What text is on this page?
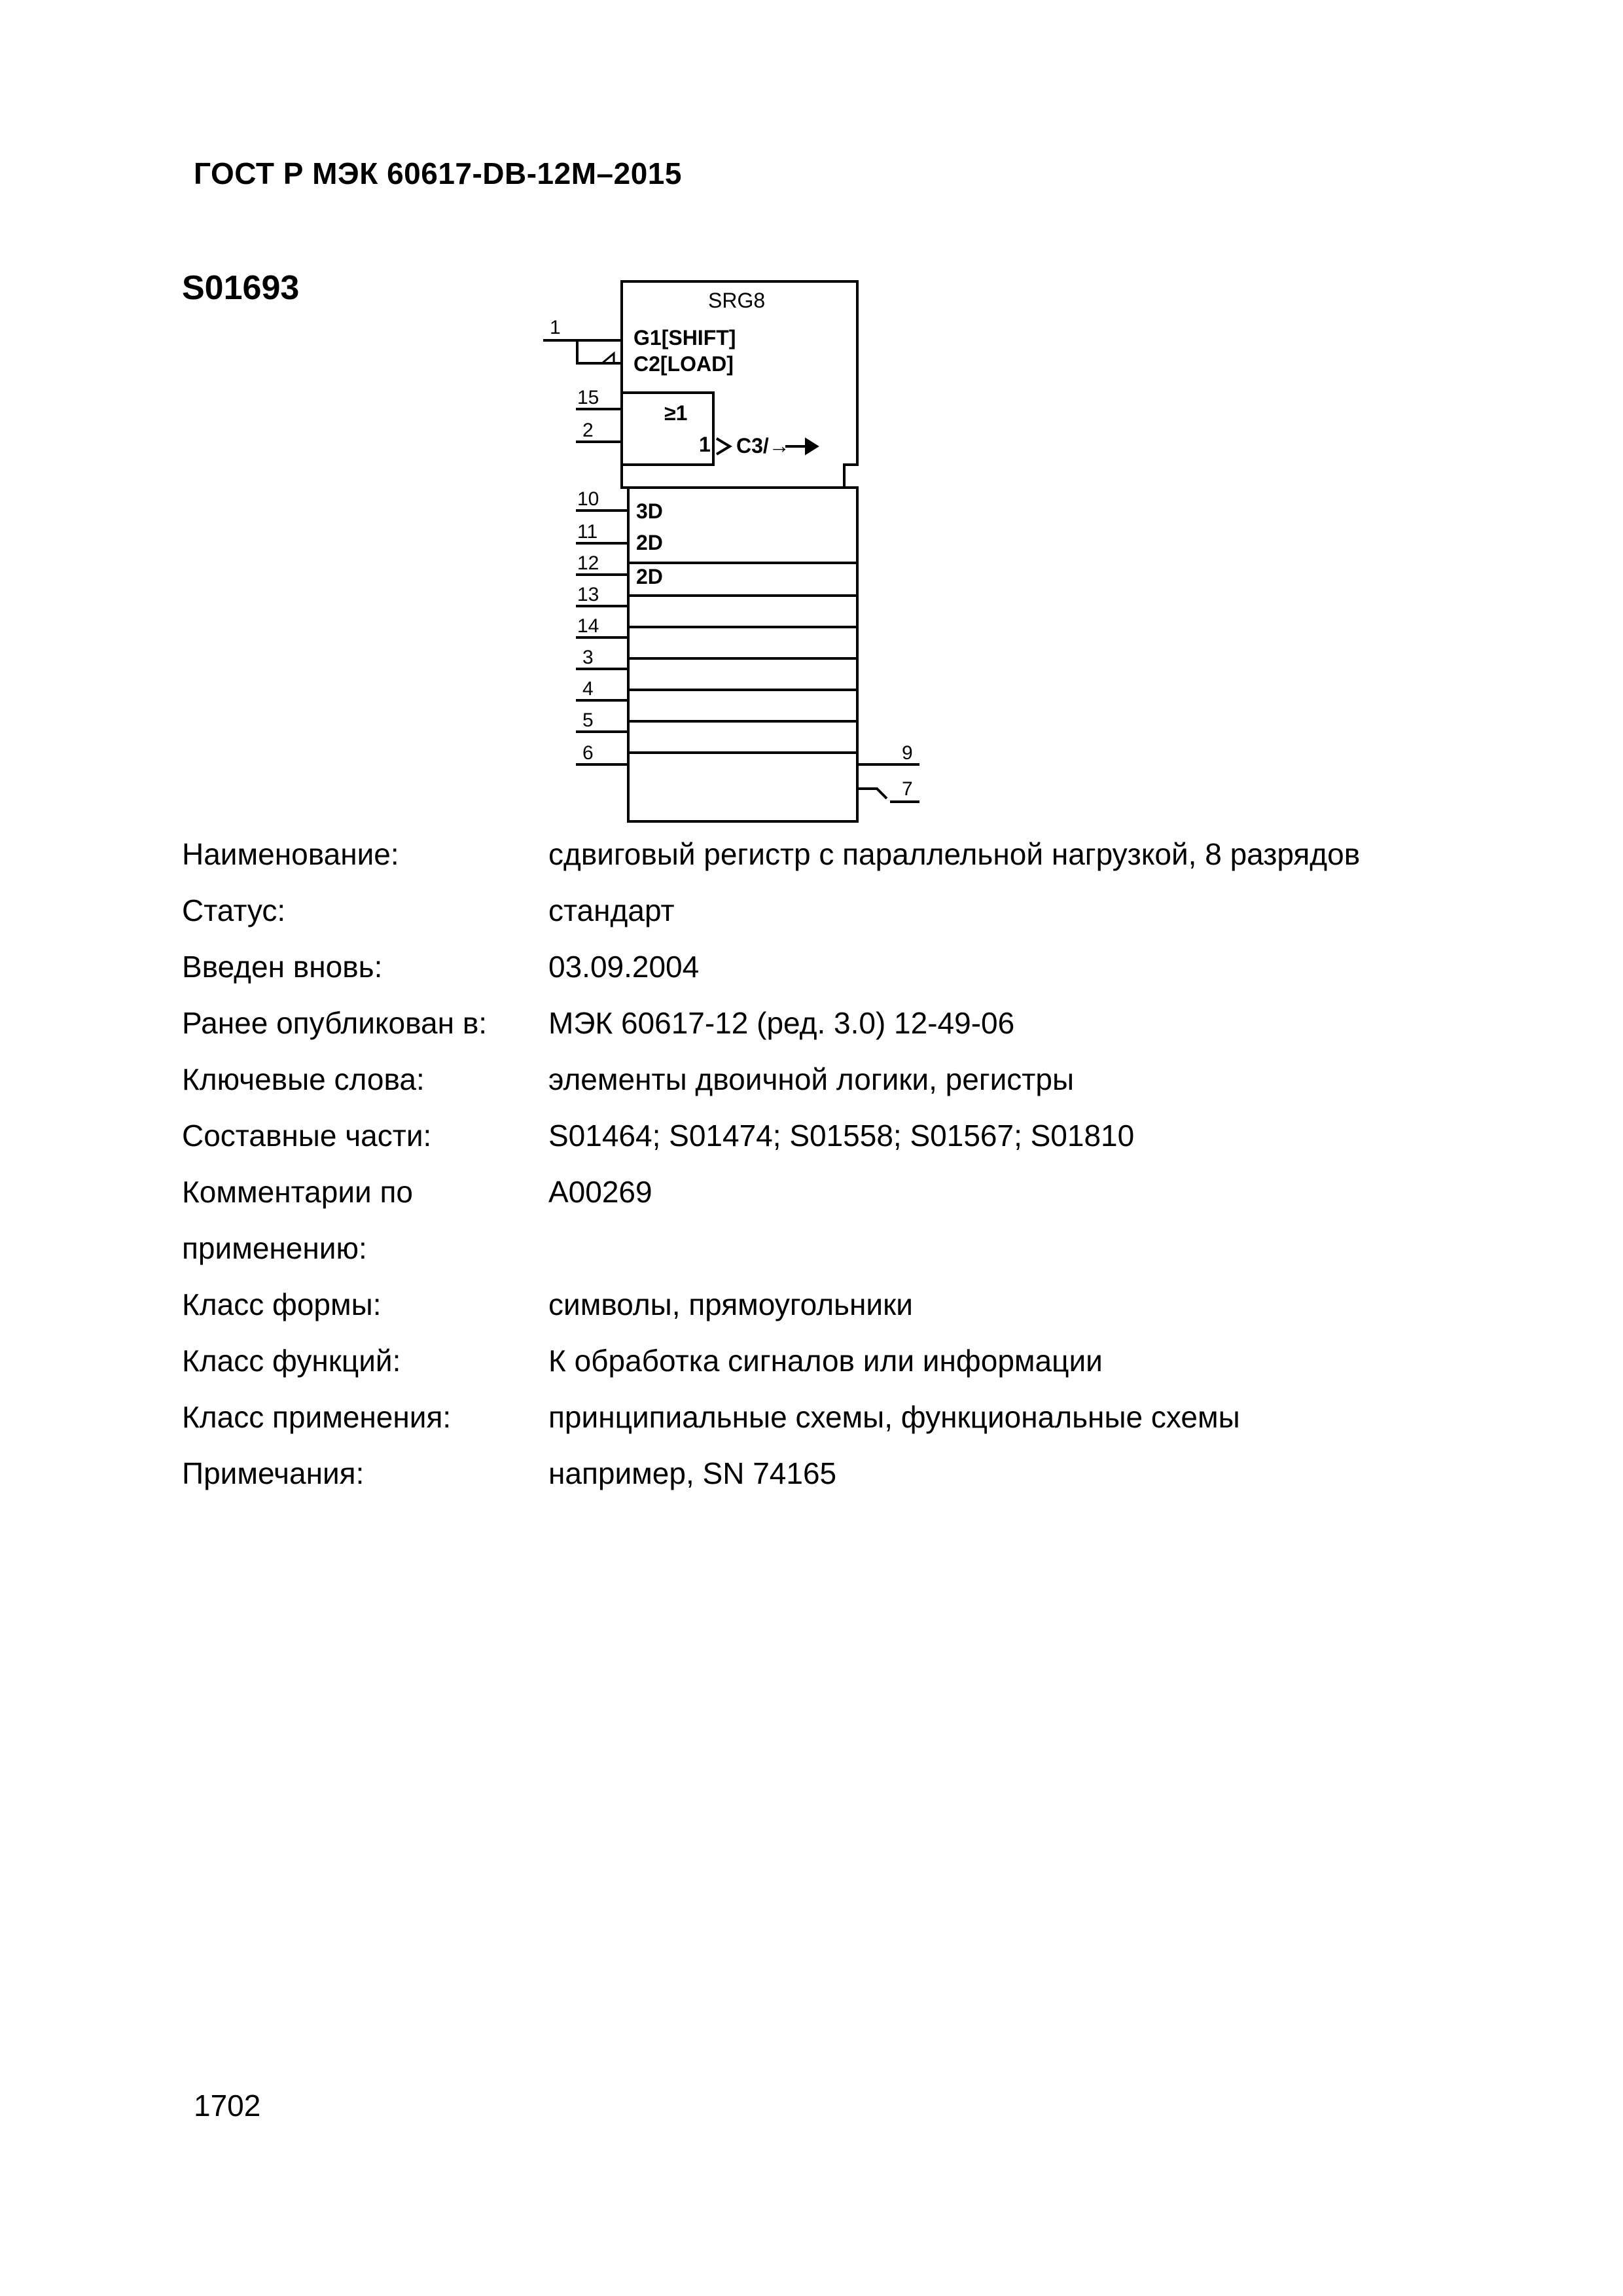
ГОСТ Р МЭК 60617-DB-12M–2015
S01693	SRG8
G1[SHIFT]
C2[LOAD]
≥1
1 C3/→
3D
2D
2D
1
15
2
10
11
12
13
14
3
4
5
6	9
7
Наименование:	сдвиговый регистр с параллельной нагрузкой, 8 разрядов
Статус:	стандарт
Введен вновь:	03.09.2004
Ранее опубликован в:	МЭК 60617-12 (ред. 3.0) 12-49-06
Ключевые слова:	элементы двоичной логики, регистры
Составные части:	S01464; S01474; S01558; S01567; S01810
Комментарии по	A00269
применению:
Класс формы:	символы, прямоугольники
Класс функций:	К обработка сигналов или информации
Класс применения:	принципиальные схемы, функциональные схемы
Примечания:	например, SN 74165
1702
